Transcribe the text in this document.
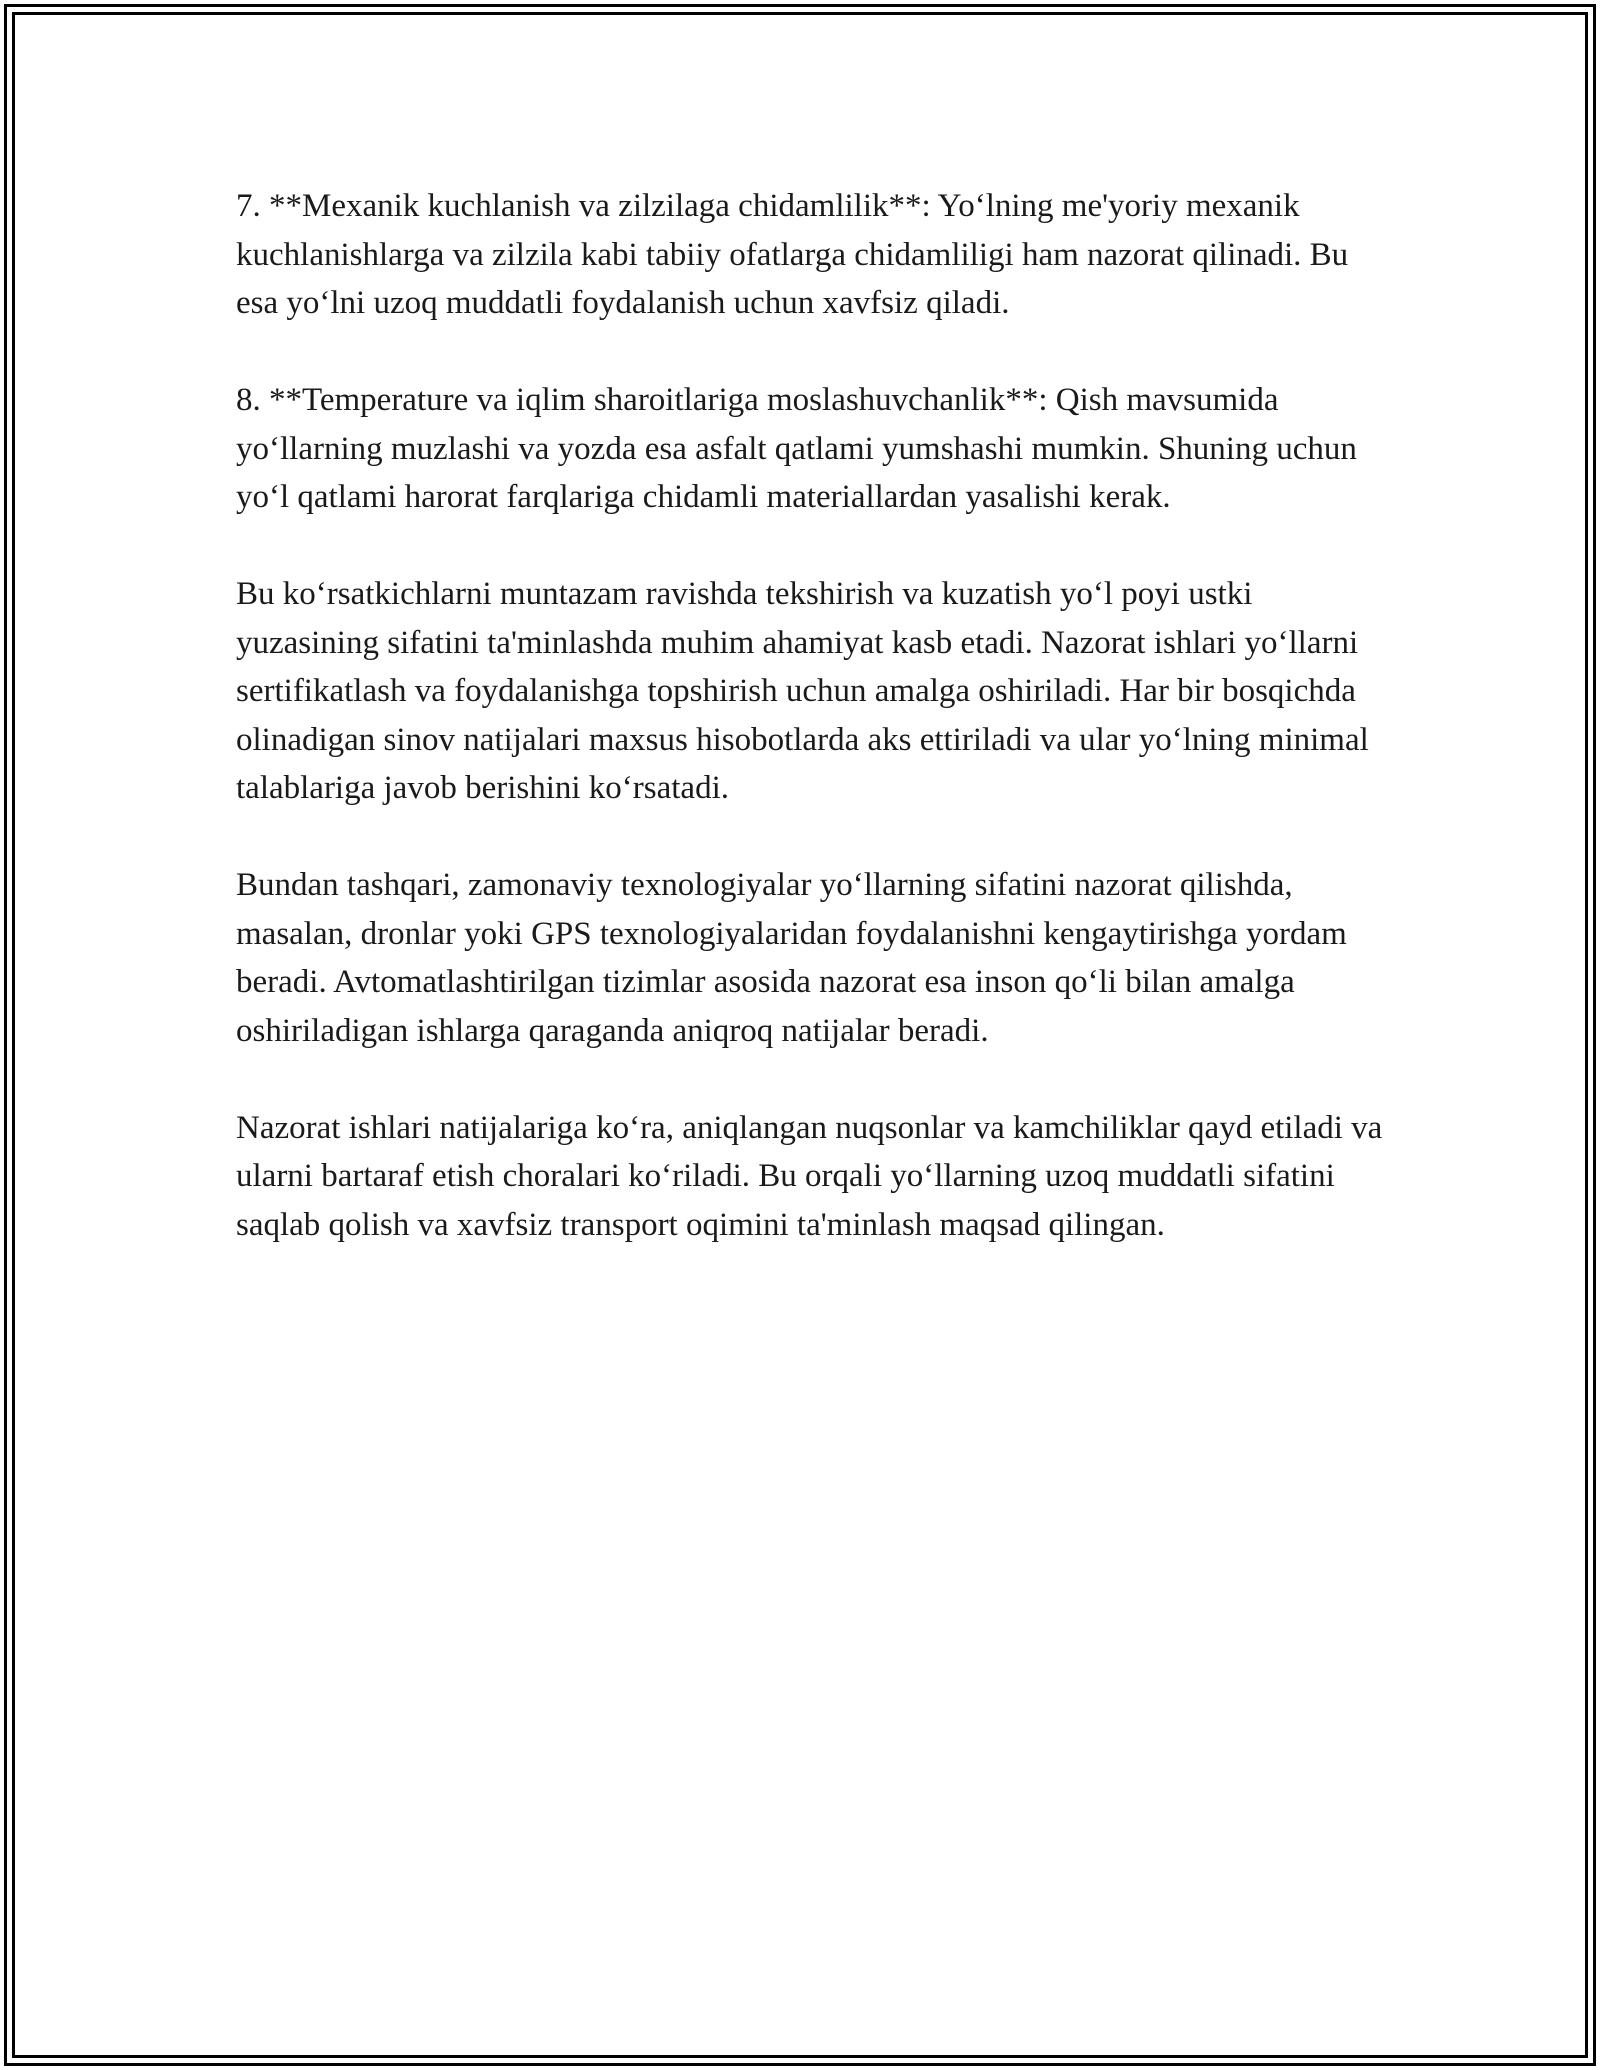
7. **Mexanik kuchlanish va zilzilaga chidamlilik**: Yo‘lning me'yoriy mexanik kuchlanishlarga va zilzila kabi tabiiy ofatlarga chidamliligi ham nazorat qilinadi. Bu esa yo‘lni uzoq muddatli foydalanish uchun xavfsiz qiladi.

8. **Temperature va iqlim sharoitlariga moslashuvchanlik**: Qish mavsumida yo‘llarning muzlashi va yozda esa asfalt qatlami yumshashi mumkin. Shuning uchun yo‘l qatlami harorat farqlariga chidamli materiallardan yasalishi kerak.

Bu ko‘rsatkichlarni muntazam ravishda tekshirish va kuzatish yo‘l poyi ustki yuzasining sifatini ta'minlashda muhim ahamiyat kasb etadi. Nazorat ishlari yo‘llarni sertifikatlash va foydalanishga topshirish uchun amalga oshiriladi. Har bir bosqichda olinadigan sinov natijalari maxsus hisobotlarda aks ettiriladi va ular yo‘lning minimal talablariga javob berishini ko‘rsatadi.

Bundan tashqari, zamonaviy texnologiyalar yo‘llarning sifatini nazorat qilishda, masalan, dronlar yoki GPS texnologiyalaridan foydalanishni kengaytirishga yordam beradi. Avtomatlashtirilgan tizimlar asosida nazorat esa inson qo‘li bilan amalga oshiriladigan ishlarga qaraganda aniqroq natijalar beradi.

Nazorat ishlari natijalariga ko‘ra, aniqlangan nuqsonlar va kamchiliklar qayd etiladi va ularni bartaraf etish choralari ko‘riladi. Bu orqali yo‘llarning uzoq muddatli sifatini saqlab qolish va xavfsiz transport oqimini ta'minlash maqsad qilingan.
